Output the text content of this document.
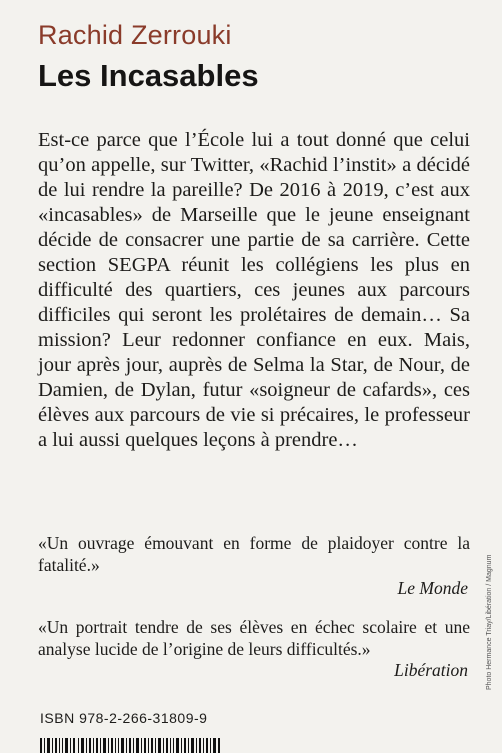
Rachid Zerrouki
Les Incasables

Est-ce parce que l’École lui a tout donné que celui qu’on appelle, sur Twitter, «Rachid l’instit» a décidé de lui rendre la pareille? De 2016 à 2019, c’est aux «incasables» de Marseille que le jeune enseignant décide de consacrer une partie de sa carrière. Cette section SEGPA réunit les collégiens les plus en difficulté des quartiers, ces jeunes aux parcours difficiles qui seront les prolétaires de demain… Sa mission? Leur redonner confiance en eux. Mais, jour après jour, auprès de Selma la Star, de Nour, de Damien, de Dylan, futur «soigneur de cafards», ces élèves aux parcours de vie si précaires, le professeur a lui aussi quelques leçons à prendre…

«Un ouvrage émouvant en forme de plaidoyer contre la fatalité.»

Le Monde

«Un portrait tendre de ses élèves en échec scolaire et une analyse lucide de l’origine de leurs difficultés.»

Libération
ISBN 978-2-266-31809-9
Photo Hermance Triay/Libération / Magnum
